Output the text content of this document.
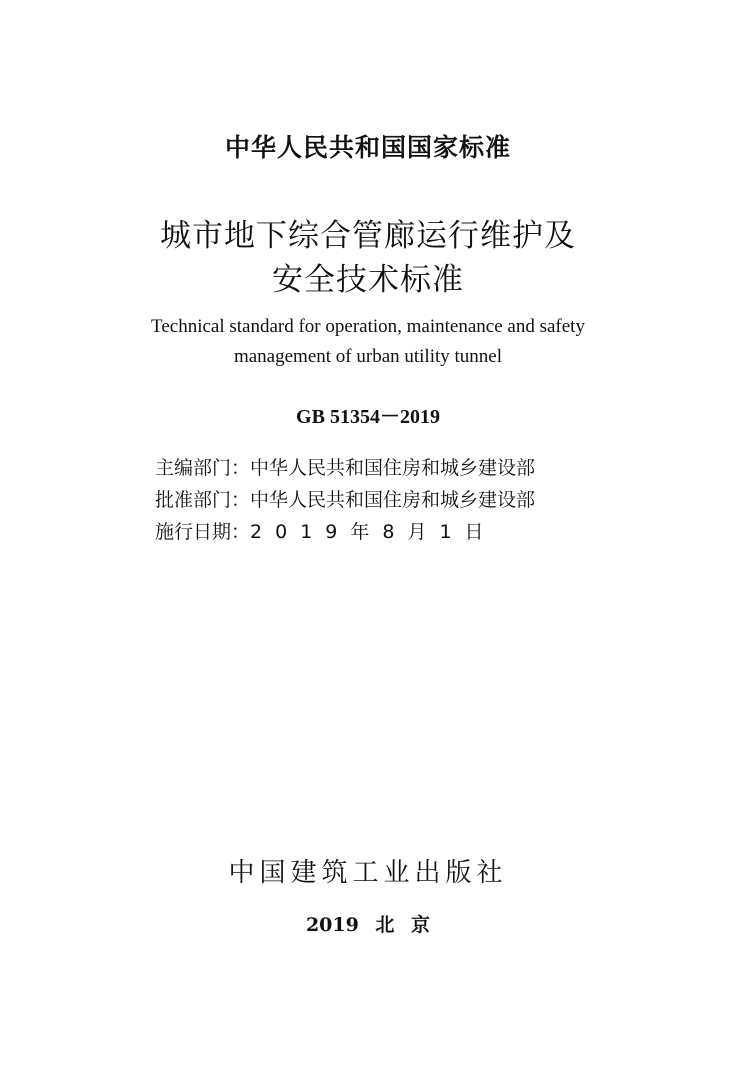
中华人民共和国国家标准
城市地下综合管廊运行维护及
安全技术标准
Technical standard for operation, maintenance and safety
management of urban utility tunnel
GB 51354－2019
主编部门：中华人民共和国住房和城乡建设部
批准部门：中华人民共和国住房和城乡建设部
施行日期：2019年8月1日
中国建筑工业出版社
2019 北 京
